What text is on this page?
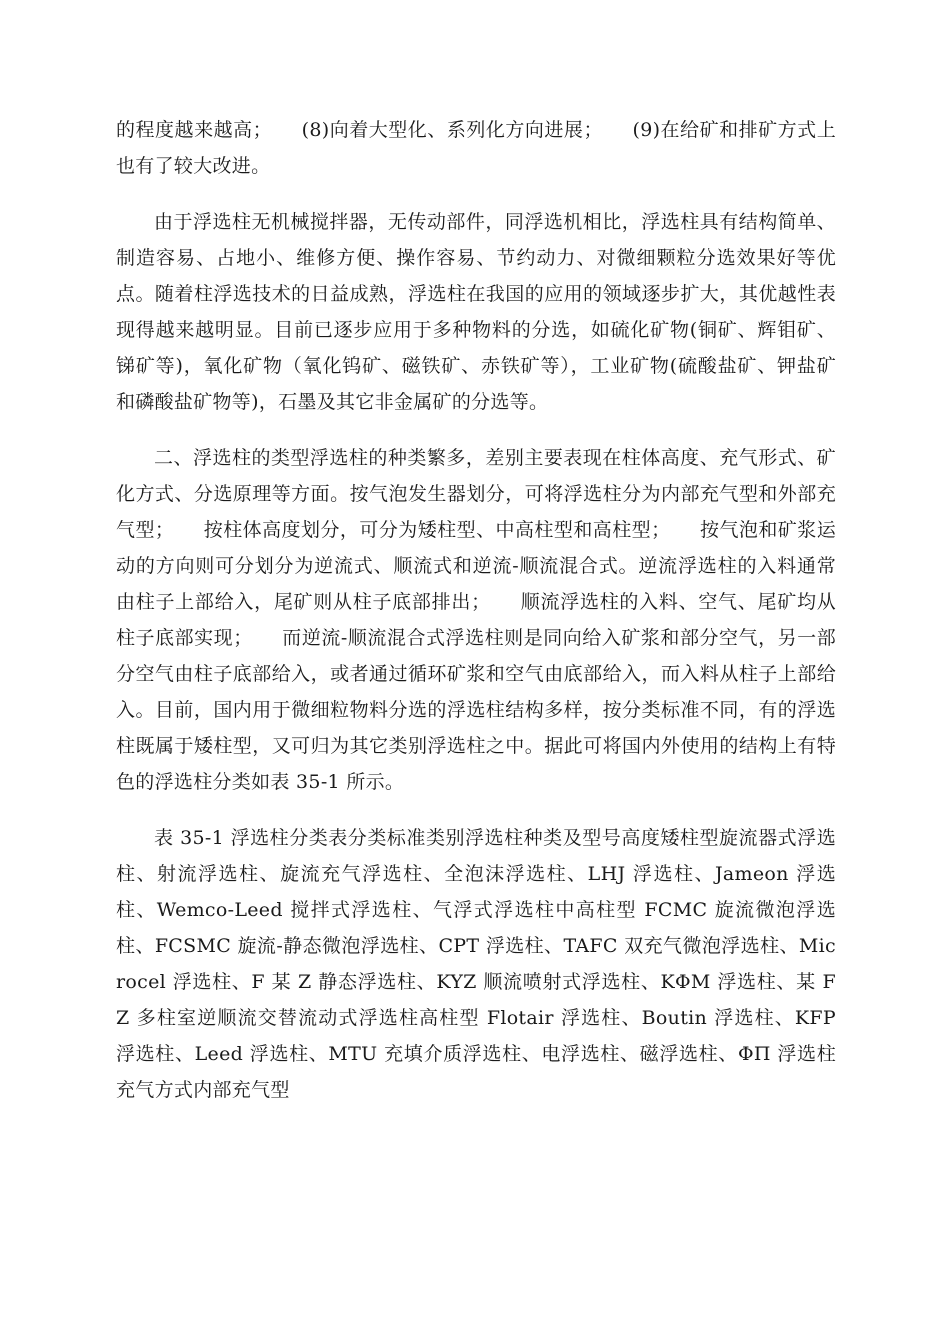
的程度越来越高；　　(8)向着大型化、系列化方向进展；　　(9)在给矿和排矿方式上也有了较大改进。

由于浮选柱无机械搅拌器，无传动部件，同浮选机相比，浮选柱具有结构简单、制造容易、占地小、维修方便、操作容易、节约动力、对微细颗粒分选效果好等优点。随着柱浮选技术的日益成熟，浮选柱在我国的应用的领域逐步扩大，其优越性表现得越来越明显。目前已逐步应用于多种物料的分选，如硫化矿物(铜矿、辉钼矿、锑矿等)，氧化矿物（氧化钨矿、磁铁矿、赤铁矿等），工业矿物(硫酸盐矿、钾盐矿和磷酸盐矿物等)，石墨及其它非金属矿的分选等。

二、浮选柱的类型浮选柱的种类繁多，差别主要表现在柱体高度、充气形式、矿化方式、分选原理等方面。按气泡发生器划分，可将浮选柱分为内部充气型和外部充气型；　　按柱体高度划分，可分为矮柱型、中高柱型和高柱型；　　按气泡和矿浆运动的方向则可分划分为逆流式、顺流式和逆流-顺流混合式。逆流浮选柱的入料通常由柱子上部给入，尾矿则从柱子底部排出；　　顺流浮选柱的入料、空气、尾矿均从柱子底部实现；　　而逆流-顺流混合式浮选柱则是同向给入矿浆和部分空气，另一部分空气由柱子底部给入，或者通过循环矿浆和空气由底部给入，而入料从柱子上部给入。目前，国内用于微细粒物料分选的浮选柱结构多样，按分类标准不同，有的浮选柱既属于矮柱型，又可归为其它类别浮选柱之中。据此可将国内外使用的结构上有特色的浮选柱分类如表 35-1 所示。

表 35-1 浮选柱分类表分类标准类别浮选柱种类及型号高度矮柱型旋流器式浮选柱、射流浮选柱、旋流充气浮选柱、全泡沫浮选柱、LHJ 浮选柱、Jameon 浮选柱、Wemco-Leed 搅拌式浮选柱、气浮式浮选柱中高柱型 FCMC 旋流微泡浮选柱、FCSMC 旋流-静态微泡浮选柱、CPT 浮选柱、TAFC 双充气微泡浮选柱、Microcel 浮选柱、F 某 Z 静态浮选柱、KYZ 顺流喷射式浮选柱、KΦM 浮选柱、某 FZ 多柱室逆顺流交替流动式浮选柱高柱型 Flotair 浮选柱、Boutin 浮选柱、KFP 浮选柱、Leed 浮选柱、MTU 充填介质浮选柱、电浮选柱、磁浮选柱、ΦΠ 浮选柱充气方式内部充气型
